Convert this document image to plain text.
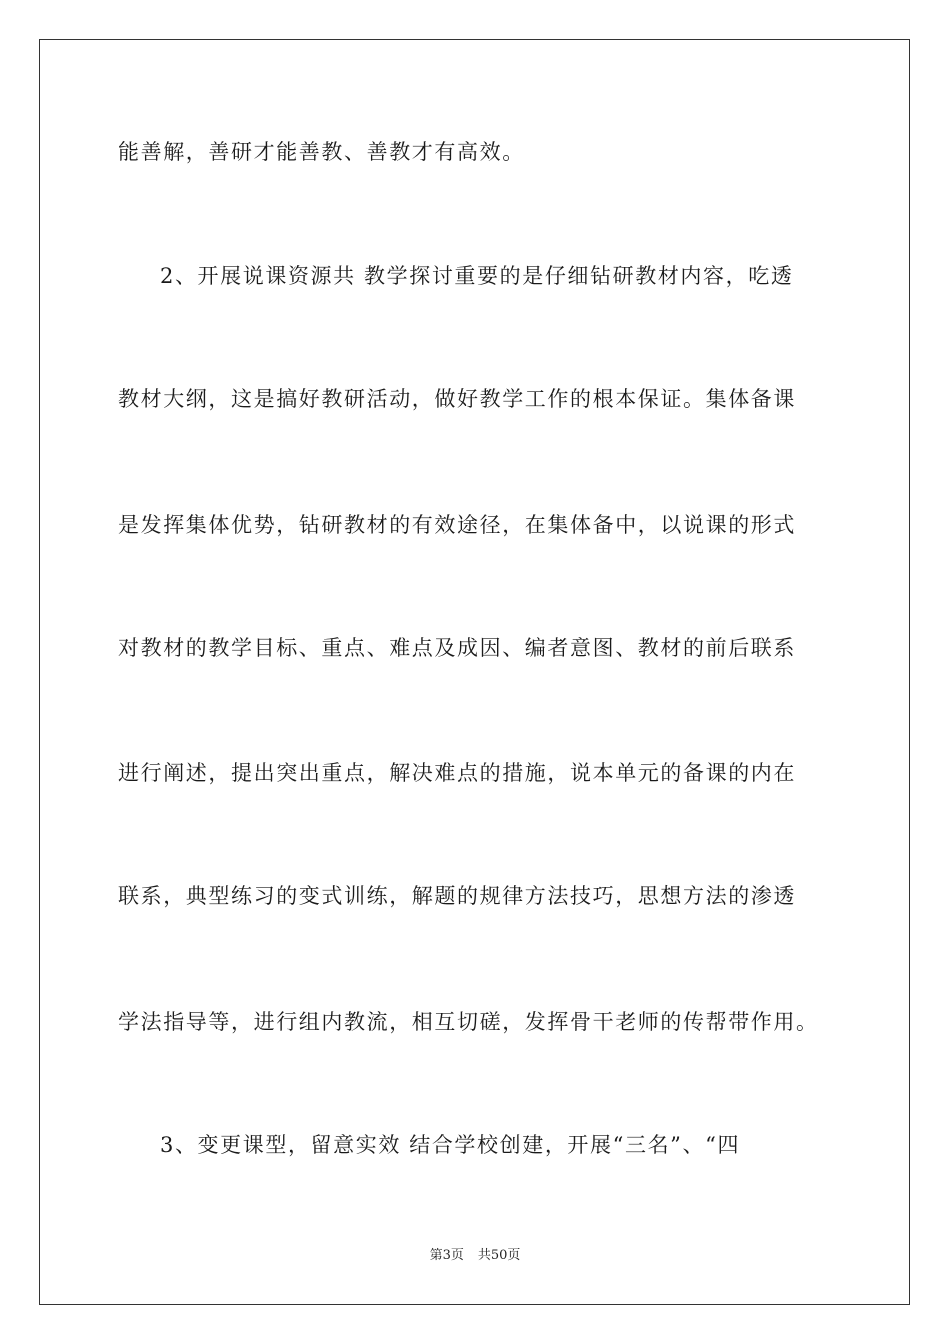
能善解，善研才能善教、善教才有高效。
2、开展说课资源共 教学探讨重要的是仔细钻研教材内容，吃透
教材大纲，这是搞好教研活动，做好教学工作的根本保证。集体备课
是发挥集体优势，钻研教材的有效途径，在集体备中，以说课的形式
对教材的教学目标、重点、难点及成因、编者意图、教材的前后联系
进行阐述，提出突出重点，解决难点的措施，说本单元的备课的内在
联系，典型练习的变式训练，解题的规律方法技巧，思想方法的渗透
学法指导等，进行组内教流，相互切磋，发挥骨干老师的传帮带作用。
3、变更课型，留意实效 结合学校创建，开展“三名”、“四
第3页 共50页
